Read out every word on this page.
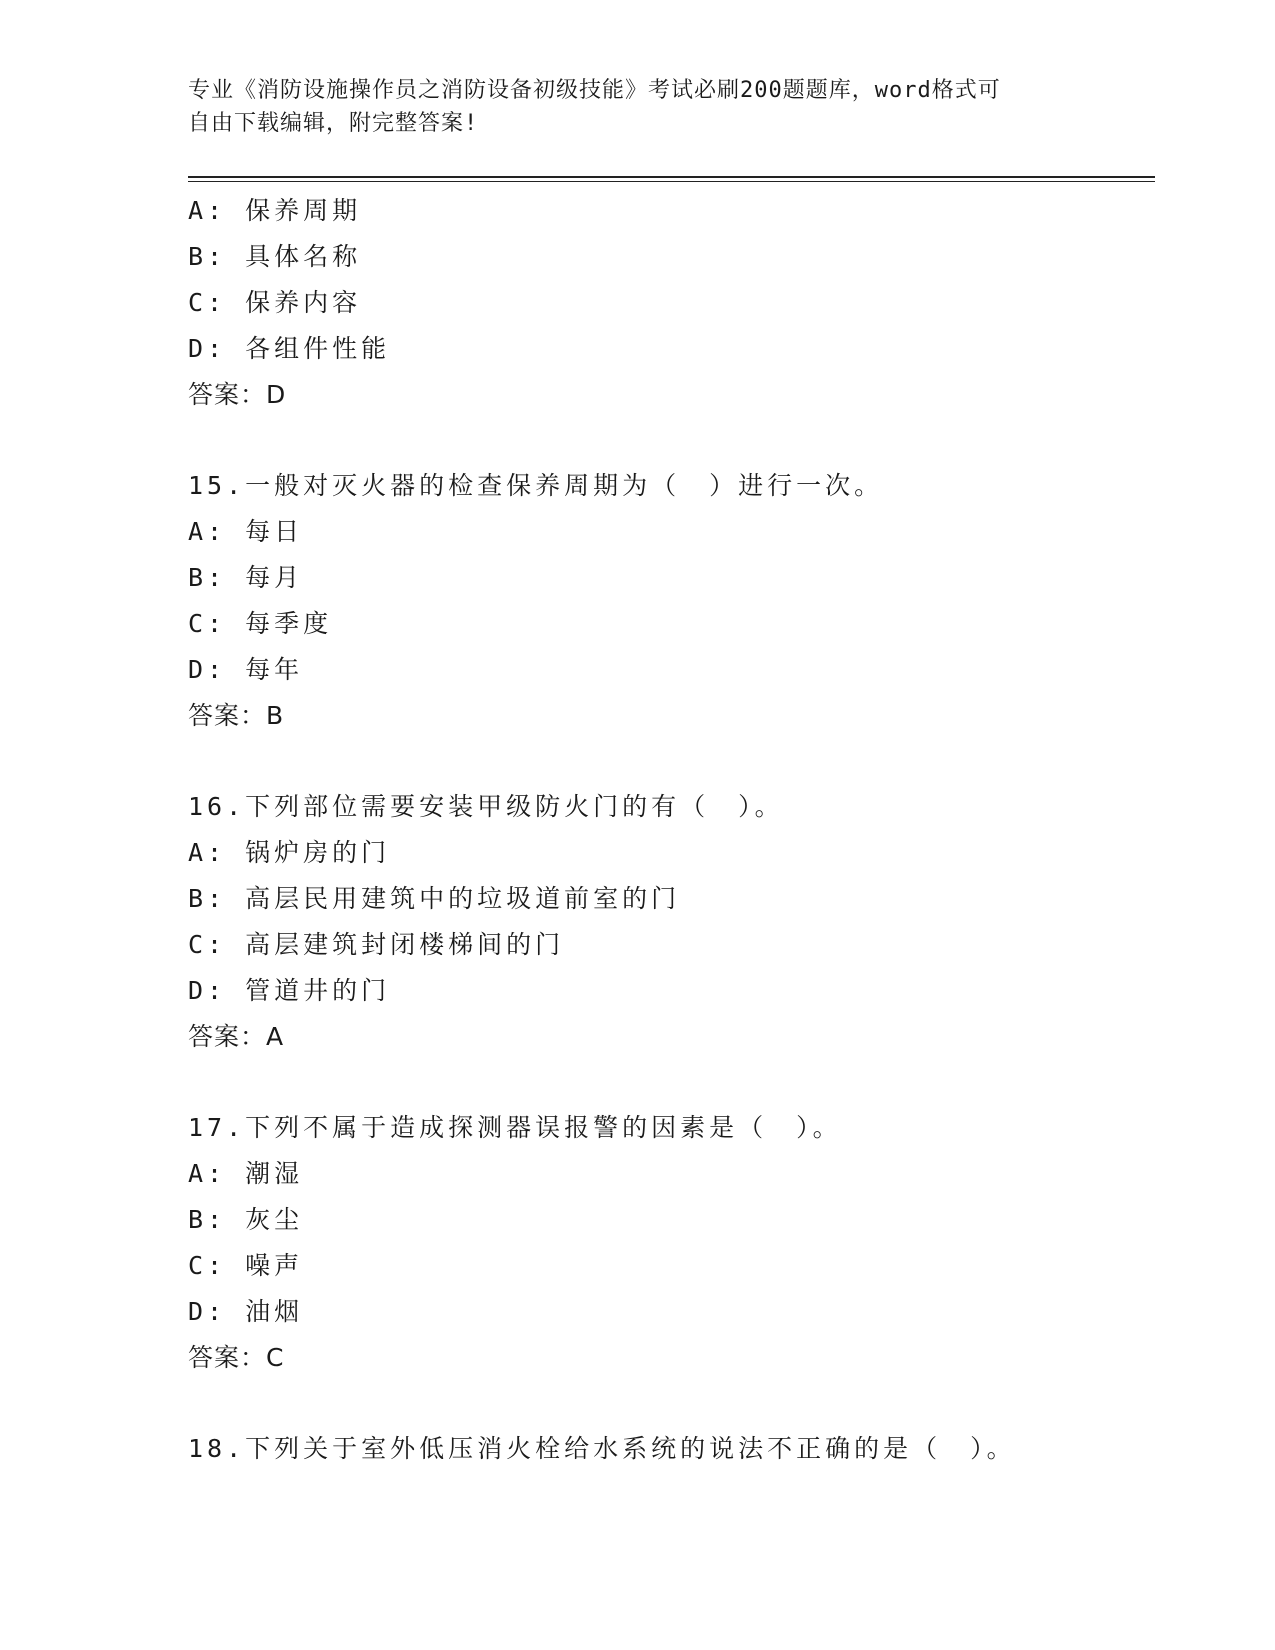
专业《消防设施操作员之消防设备初级技能》考试必刷200题题库，word格式可
自由下载编辑，附完整答案!
A: 保养周期
B: 具体名称
C: 保养内容
D: 各组件性能
答案：D
15.一般对灭火器的检查保养周期为（　）进行一次。
A: 每日
B: 每月
C: 每季度
D: 每年
答案：B
16.下列部位需要安装甲级防火门的有（　）。
A: 锅炉房的门
B: 高层民用建筑中的垃圾道前室的门
C: 高层建筑封闭楼梯间的门
D: 管道井的门
答案：A
17.下列不属于造成探测器误报警的因素是（　）。
A: 潮湿
B: 灰尘
C: 噪声
D: 油烟
答案：C
18.下列关于室外低压消火栓给水系统的说法不正确的是（　）。
